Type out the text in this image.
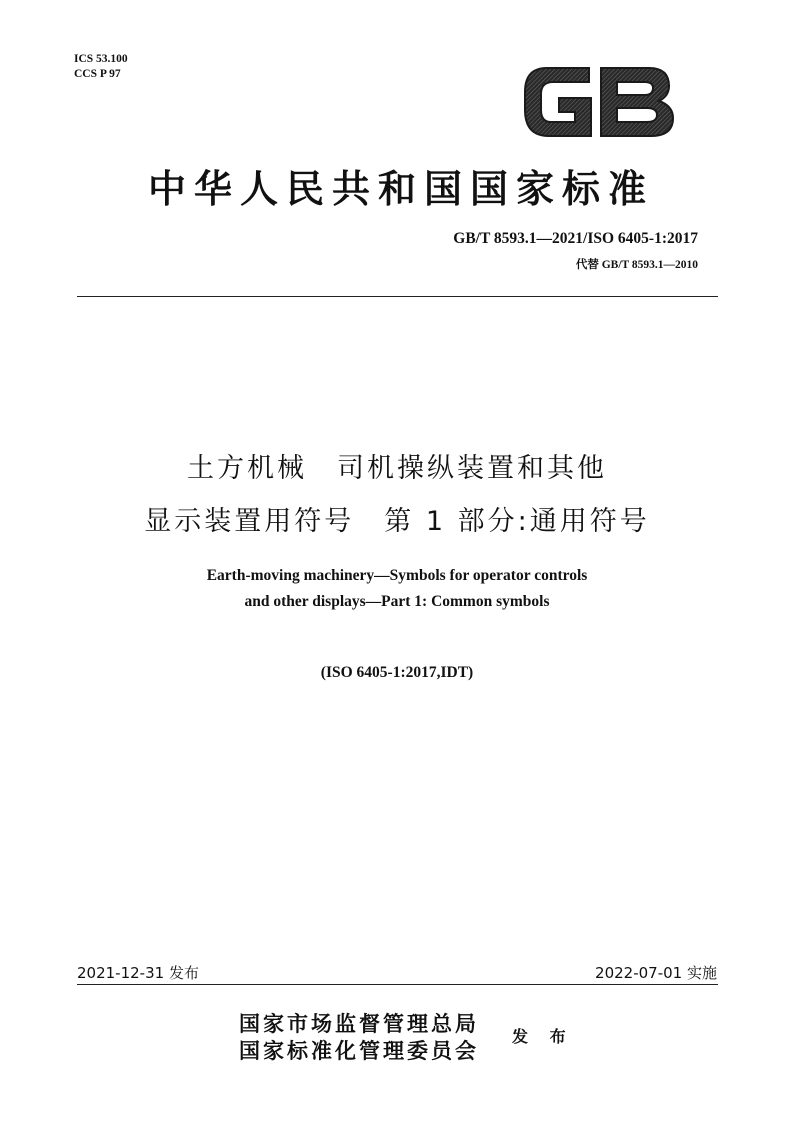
ICS 53.100
CCS P 97
中华人民共和国国家标准
GB/T 8593.1—2021/ISO 6405-1:2017
代替 GB/T 8593.1—2010
土方机械　司机操纵装置和其他
显示装置用符号　第 1 部分:通用符号
Earth-moving machinery—Symbols for operator controls
and other displays—Part 1: Common symbols
(ISO 6405-1:2017,IDT)
2021-12-31 发布	2022-07-01 实施
国家市场监督管理总局
国家标准化管理委员会
发 布
